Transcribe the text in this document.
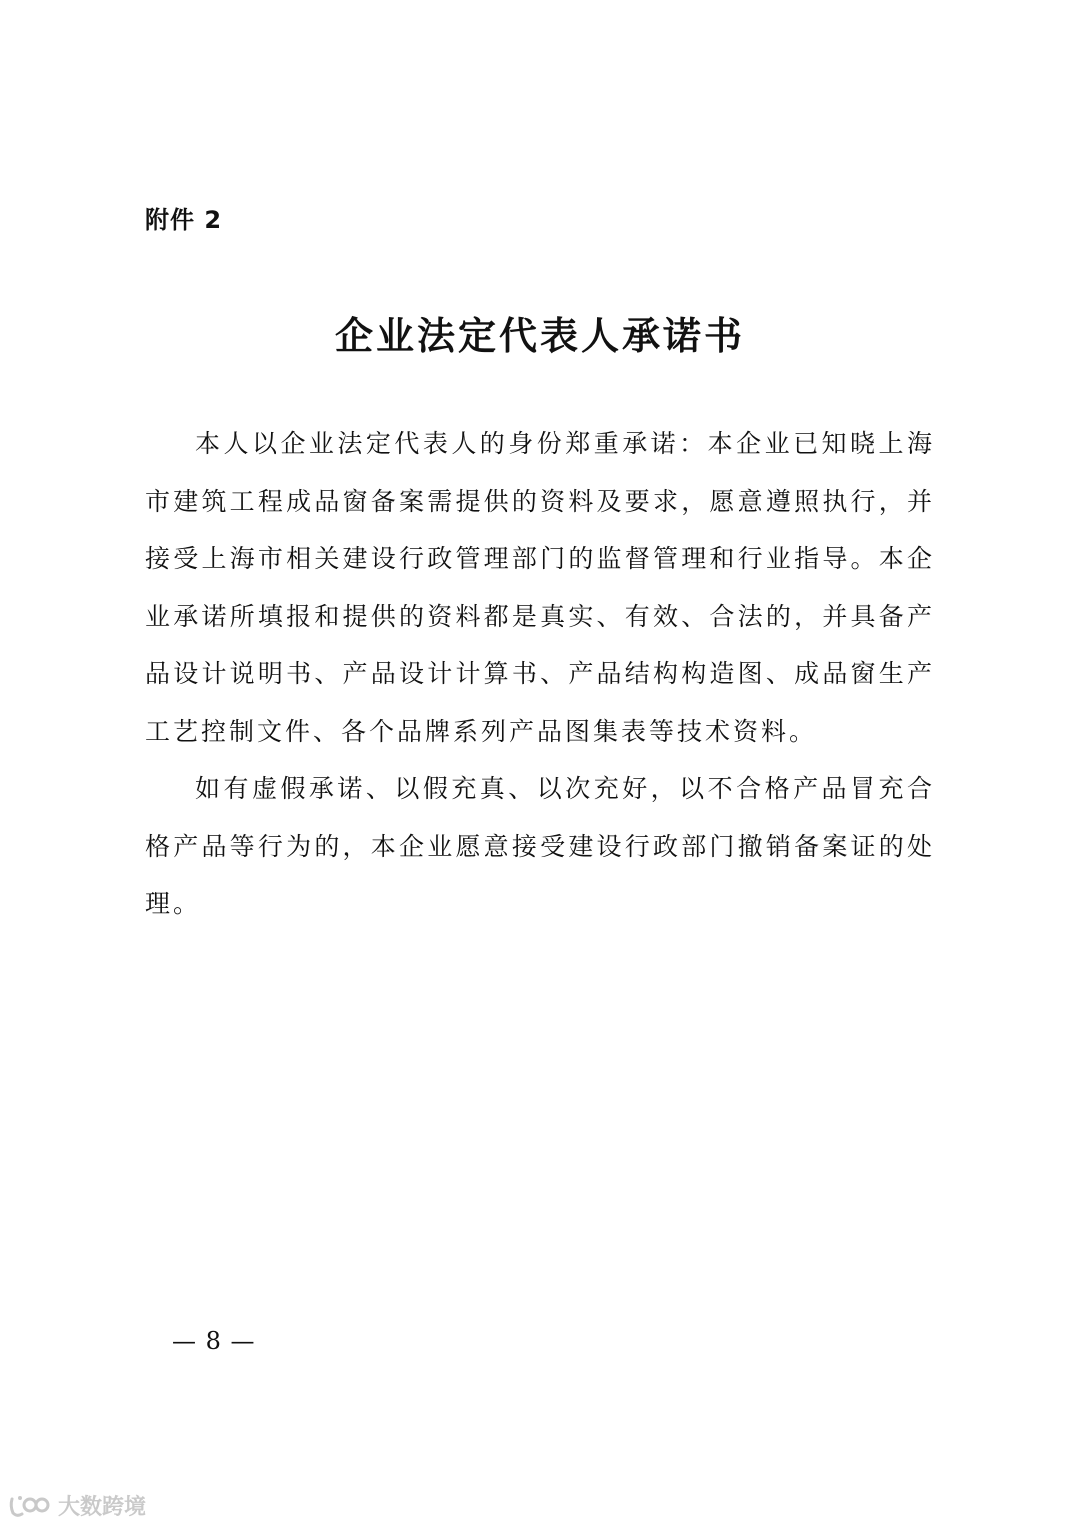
附件 2
企业法定代表人承诺书

本人以企业法定代表人的身份郑重承诺：本企业已知晓上海市建筑工程成品窗备案需提供的资料及要求，愿意遵照执行，并接受上海市相关建设行政管理部门的监督管理和行业指导。本企业承诺所填报和提供的资料都是真实、有效、合法的，并具备产品设计说明书、产品设计计算书、产品结构构造图、成品窗生产工艺控制文件、各个品牌系列产品图集表等技术资料。

如有虚假承诺、以假充真、以次充好，以不合格产品冒充合格产品等行为的，本企业愿意接受建设行政部门撤销备案证的处理。

— 8 —
大数跨境
